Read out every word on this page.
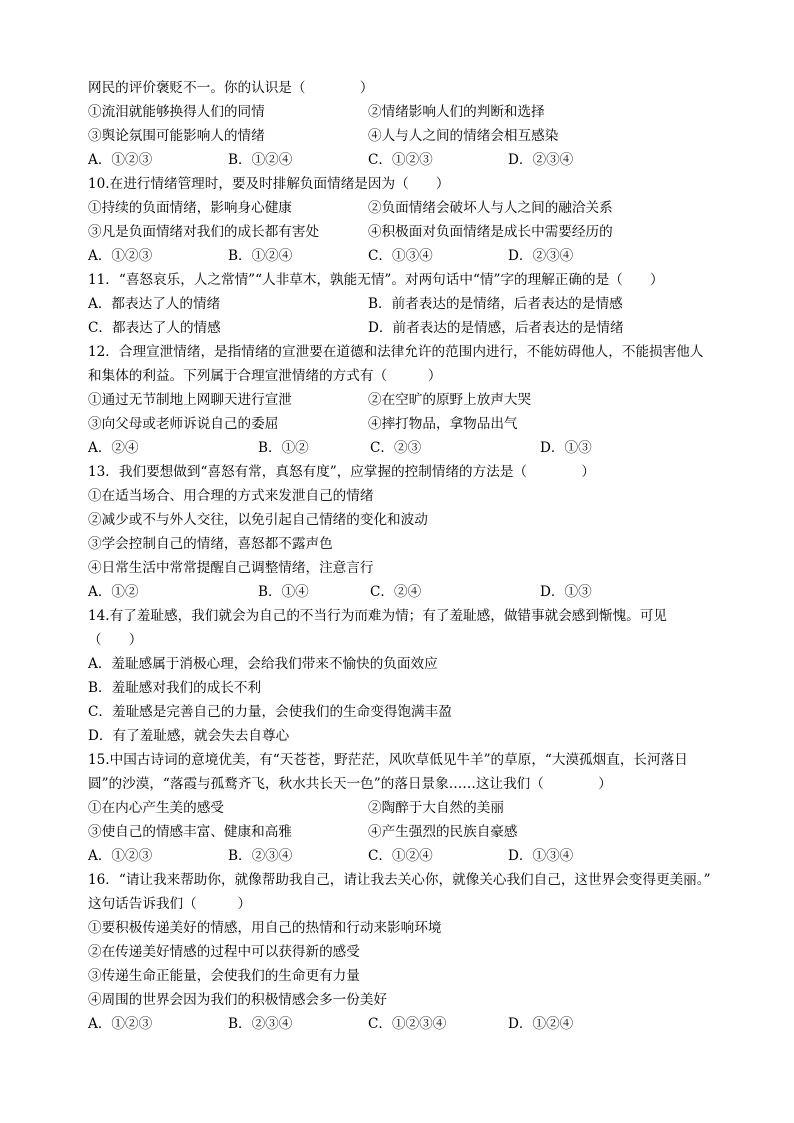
网民的评价褒贬不一。你的认识是（　　　　）
①流泪就能够换得人们的同情	②情绪影响人们的判断和选择
③舆论氛围可能影响人的情绪	④人与人之间的情绪会相互感染
A．①②③	B．①②④	C．①②③	D．②③④
10.在进行情绪管理时，要及时排解负面情绪是因为（　　）
①持续的负面情绪，影响身心健康	②负面情绪会破坏人与人之间的融洽关系
③凡是负面情绪对我们的成长都有害处	④积极面对负面情绪是成长中需要经历的
A．①②③	B．①②④	C．①③④	D．②③④
11．“喜怒哀乐，人之常情”“人非草木，孰能无情”。对两句话中“情”字的理解正确的是（　　）
A．都表达了人的情绪	B．前者表达的是情绪，后者表达的是情感
C．都表达了人的情感	D．前者表达的是情感，后者表达的是情绪
12．合理宣泄情绪，是指情绪的宣泄要在道德和法律允许的范围内进行，不能妨碍他人，不能损害他人
和集体的利益。下列属于合理宣泄情绪的方式有（　　　）
①通过无节制地上网聊天进行宣泄	②在空旷的原野上放声大哭
③向父母或老师诉说自己的委屈	④摔打物品，拿物品出气
A．②④	B．①②	C．②③	D．①③
13．我们要想做到“喜怒有常，真怒有度”，应掌握的控制情绪的方法是（　　　　）
①在适当场合、用合理的方式来发泄自己的情绪
②减少或不与外人交往，以免引起自己情绪的变化和波动
③学会控制自己的情绪，喜怒都不露声色
④日常生活中常常提醒自己调整情绪，注意言行
A．①②	B．①④	C．②④	D．①③
14.有了羞耻感，我们就会为自己的不当行为而难为情；有了羞耻感，做错事就会感到惭愧。可见
（　　）
A．羞耻感属于消极心理，会给我们带来不愉快的负面效应
B．羞耻感对我们的成长不利
C．羞耻感是完善自己的力量，会使我们的生命变得饱满丰盈
D．有了羞耻感，就会失去自尊心
15.中国古诗词的意境优美，有“天苍苍，野茫茫，风吹草低见牛羊”的草原，“大漠孤烟直，长河落日
圆”的沙漠，“落霞与孤鹜齐飞，秋水共长天一色”的落日景象……这让我们（　　　　）
①在内心产生美的感受	②陶醉于大自然的美丽
③使自己的情感丰富、健康和高雅	④产生强烈的民族自豪感
A．①②③	B．②③④	C．①②④	D．①③④
16．“请让我来帮助你，就像帮助我自己，请让我去关心你，就像关心我们自己，这世界会变得更美丽。”
这句话告诉我们（　　　）
①要积极传递美好的情感，用自己的热情和行动来影响环境
②在传递美好情感的过程中可以获得新的感受
③传递生命正能量，会使我们的生命更有力量
④周围的世界会因为我们的积极情感会多一份美好
A．①②③	B．②③④	C．①②③④	D．①②④
